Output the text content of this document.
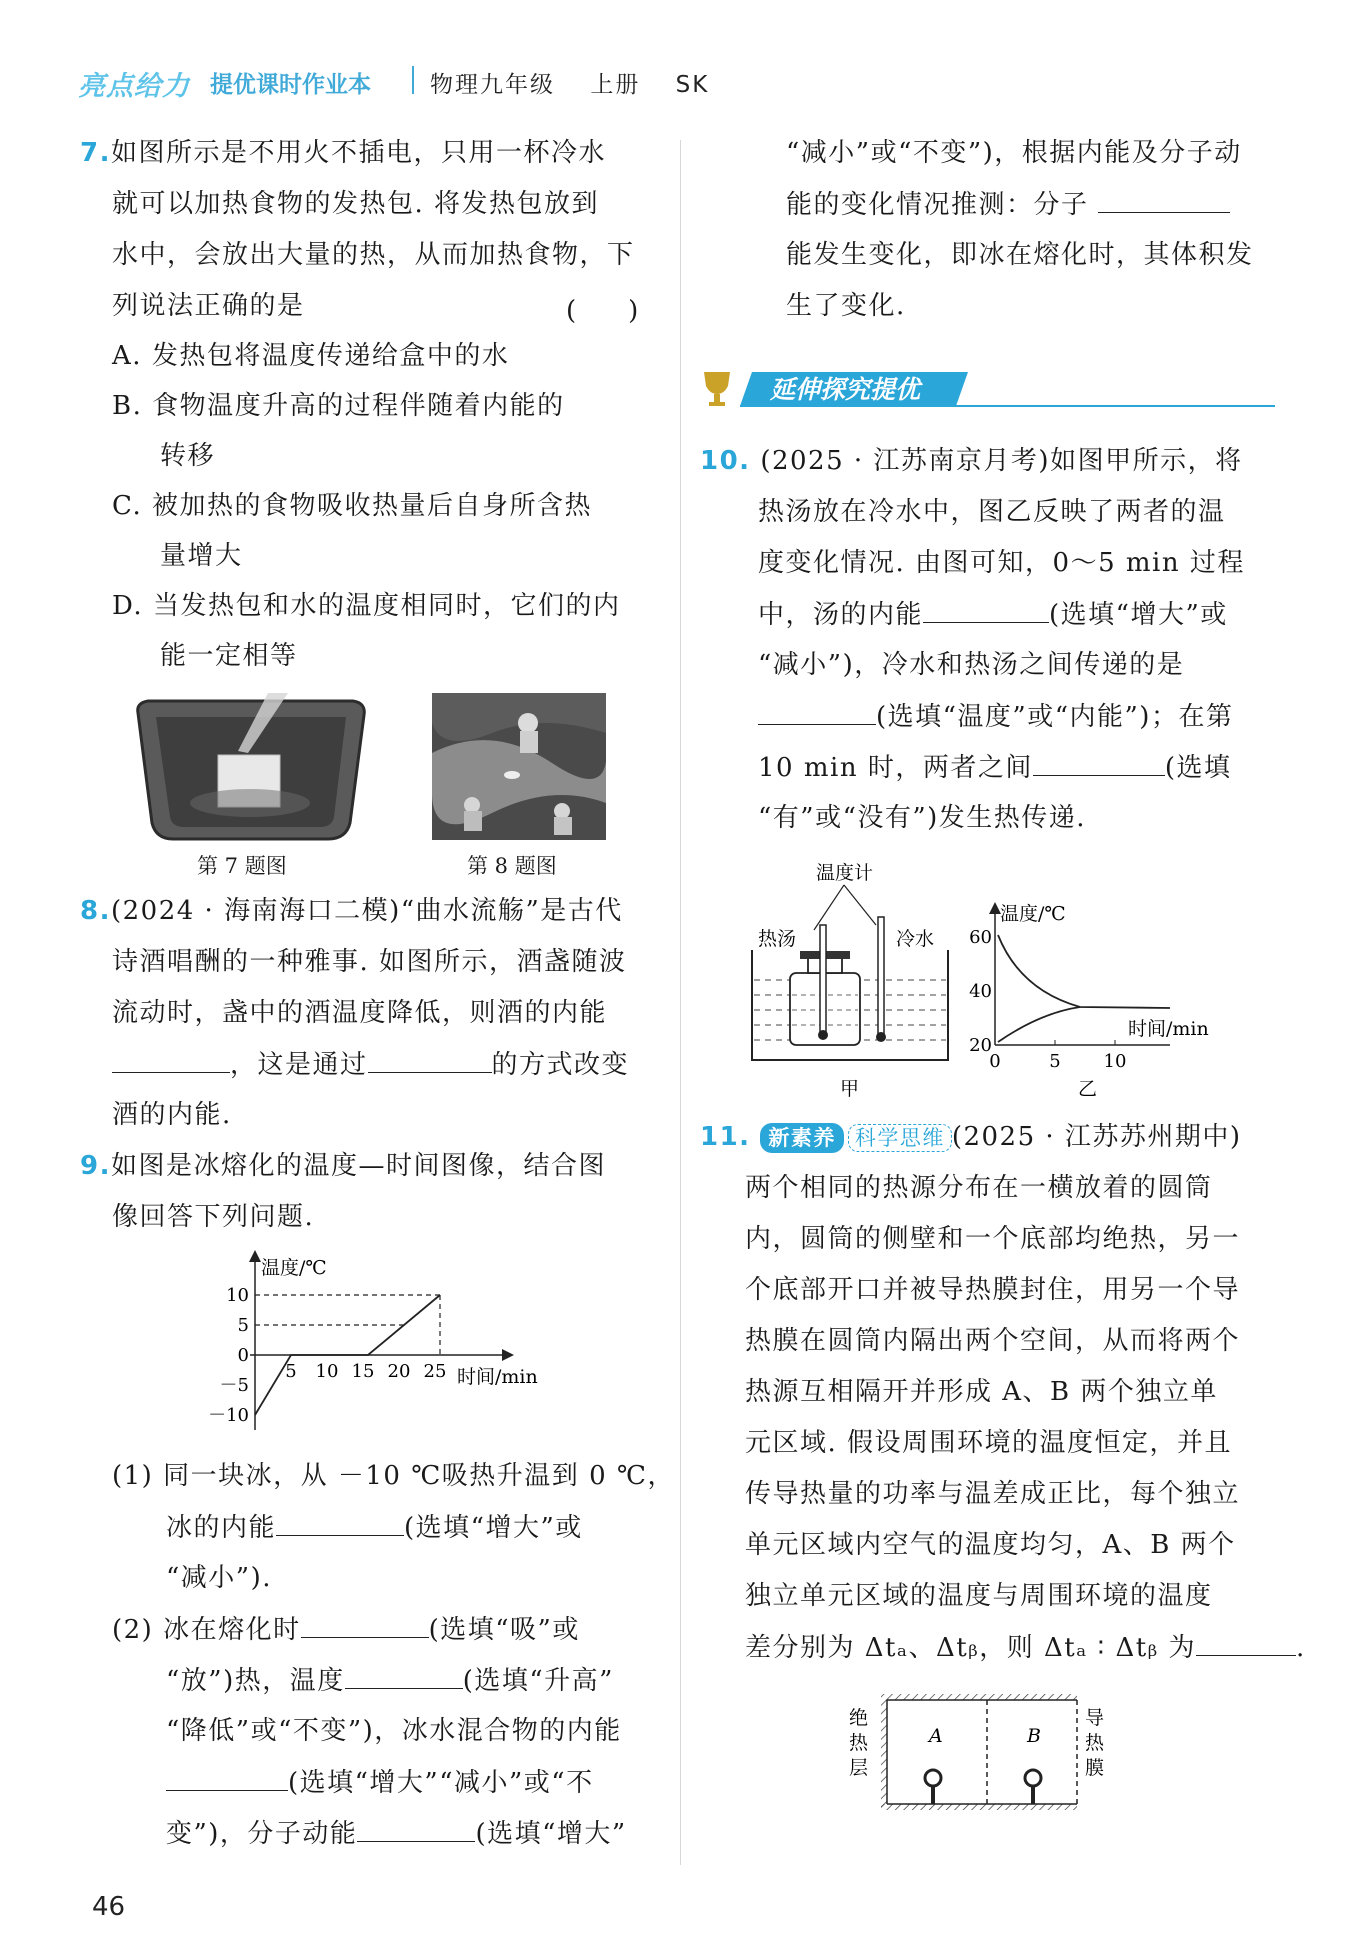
亮点给力 提优课时作业本	物理九年级 上册 SK
7.如图所示是不用火不插电，只用一杯冷水
就可以加热食物的发热包. 将发热包放到
水中，会放出大量的热，从而加热食物，下
列说法正确的是	(　　)
A. 发热包将温度传递给盒中的水
B. 食物温度升高的过程伴随着内能的
转移
C. 被加热的食物吸收热量后自身所含热
量增大
D. 当发热包和水的温度相同时，它们的内
能一定相等
第 7 题图	第 8 题图
8.(2024 · 海南海口二模)“曲水流觞”是古代
诗酒唱酬的一种雅事. 如图所示，酒盏随波
流动时，盏中的酒温度降低，则酒的内能
，这是通过	的方式改变
酒的内能.
9.如图是冰熔化的温度—时间图像，结合图
像回答下列问题.
温度/℃
时间/min
10
5
0
－5
－10
5 10 15 20 25
(1) 同一块冰，从 －10 ℃吸热升温到 0 ℃，
冰的内能	(选填“增大”或
“减小”).
(2) 冰在熔化时	(选填“吸”或
“放”)热，温度	(选填“升高”
“降低”或“不变”)，冰水混合物的内能
(选填“增大”“减小”或“不
变”)，分子动能	(选填“增大”
“减小”或“不变”)，根据内能及分子动
能的变化情况推测：分子
能发生变化，即冰在熔化时，其体积发
生了变化.
延伸探究提优
10. (2025 · 江苏南京月考)如图甲所示，将
热汤放在冷水中，图乙反映了两者的温
度变化情况. 由图可知，0～5 min 过程
中，汤的内能	(选填“增大”或
“减小”)，冷水和热汤之间传递的是
(选填“温度”或“内能”)；在第
10 min 时，两者之间	(选填
“有”或“没有”)发生热传递.
温度计
热汤	冷水
甲
温度/℃
时间/min
60
40
20
0	5 10
乙
11. 新素养 科学思维 (2025 · 江苏苏州期中)
两个相同的热源分布在一横放着的圆筒
内，圆筒的侧壁和一个底部均绝热，另一
个底部开口并被导热膜封住，用另一个导
热膜在圆筒内隔出两个空间，从而将两个
热源互相隔开并形成 A、B 两个独立单
元区域. 假设周围环境的温度恒定，并且
传导热量的功率与温差成正比，每个独立
单元区域内空气的温度均匀，A、B 两个
独立单元区域的温度与周围环境的温度
差分别为 Δtₐ、Δtᵦ，则 Δtₐ ∶ Δtᵦ 为	.
绝热层
A	B
导热膜
46
